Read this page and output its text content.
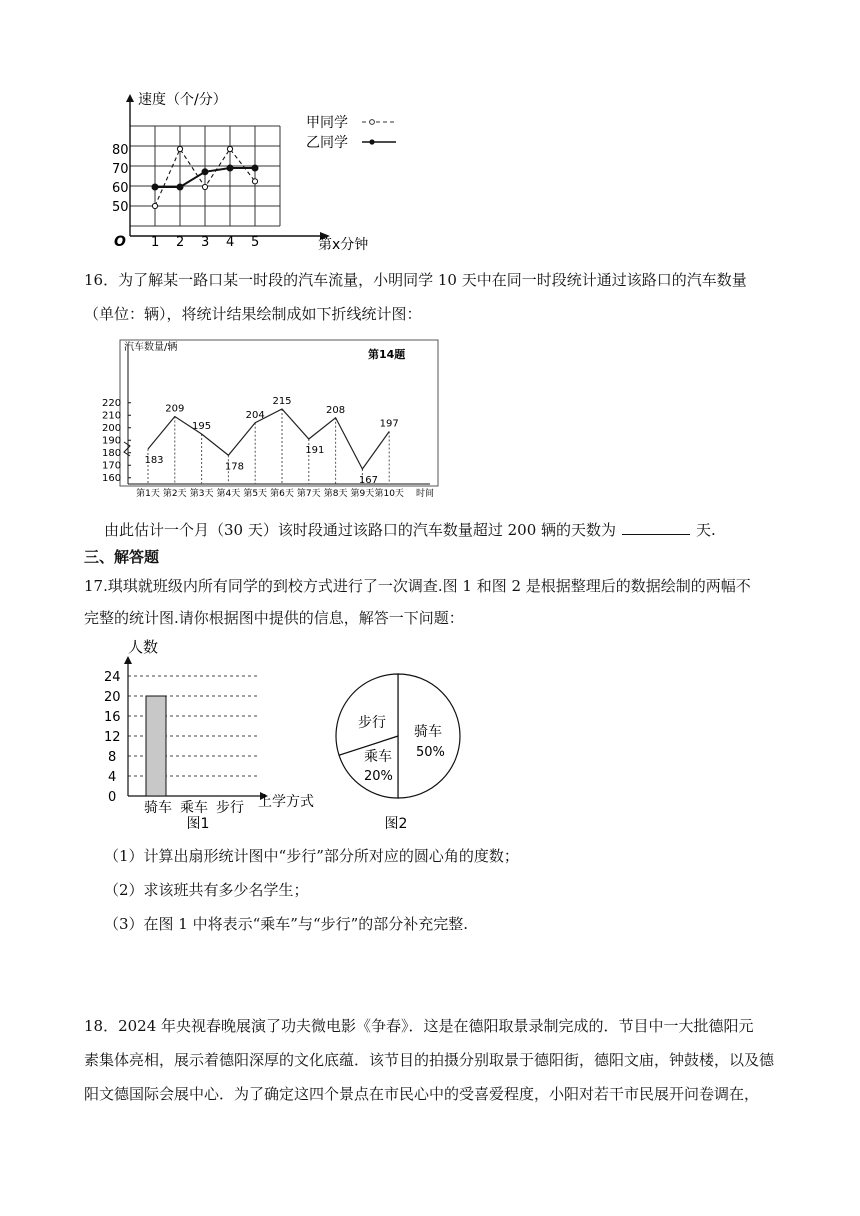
速度（个/分）
第x分钟
O
50
60
70
80
1 2 3 4 5
甲同学
乙同学
16．为了解某一路口某一时段的汽车流量，小明同学 10 天中在同一时段统计通过该路口的汽车数量
（单位：辆），将统计结果绘制成如下折线统计图：
汽车数量/辆
第14题
时间
160
170
180
190
200
210
220
第1天 第2天 第3天 第4天 第5天 第6天 第7天 第8天 第9天 第10天
183
209
195
178
204
215
191
208
167
197
由此估计一个月（30 天）该时段通过该路口的汽车数量超过 200 辆的天数为	天.
三、解答题
17.琪琪就班级内所有同学的到校方式进行了一次调查.图 1 和图 2 是根据整理后的数据绘制的两幅不
完整的统计图.请你根据图中提供的信息，解答一下问题：
人数
上学方式
0
4
8
12
16
20
24
骑车 乘车 步行
图1
步行
乘车
20%
骑车
50%
图2
（1）计算出扇形统计图中“步行”部分所对应的圆心角的度数；
（2）求该班共有多少名学生；
（3）在图 1 中将表示“乘车”与“步行”的部分补充完整.
18．2024 年央视春晚展演了功夫微电影《争春》．这是在德阳取景录制完成的．节目中一大批德阳元
素集体亮相，展示着德阳深厚的文化底蕴．该节目的拍摄分别取景于德阳街，德阳文庙，钟鼓楼，以及德
阳文德国际会展中心．为了确定这四个景点在市民心中的受喜爱程度，小阳对若干市民展开问卷调在，
